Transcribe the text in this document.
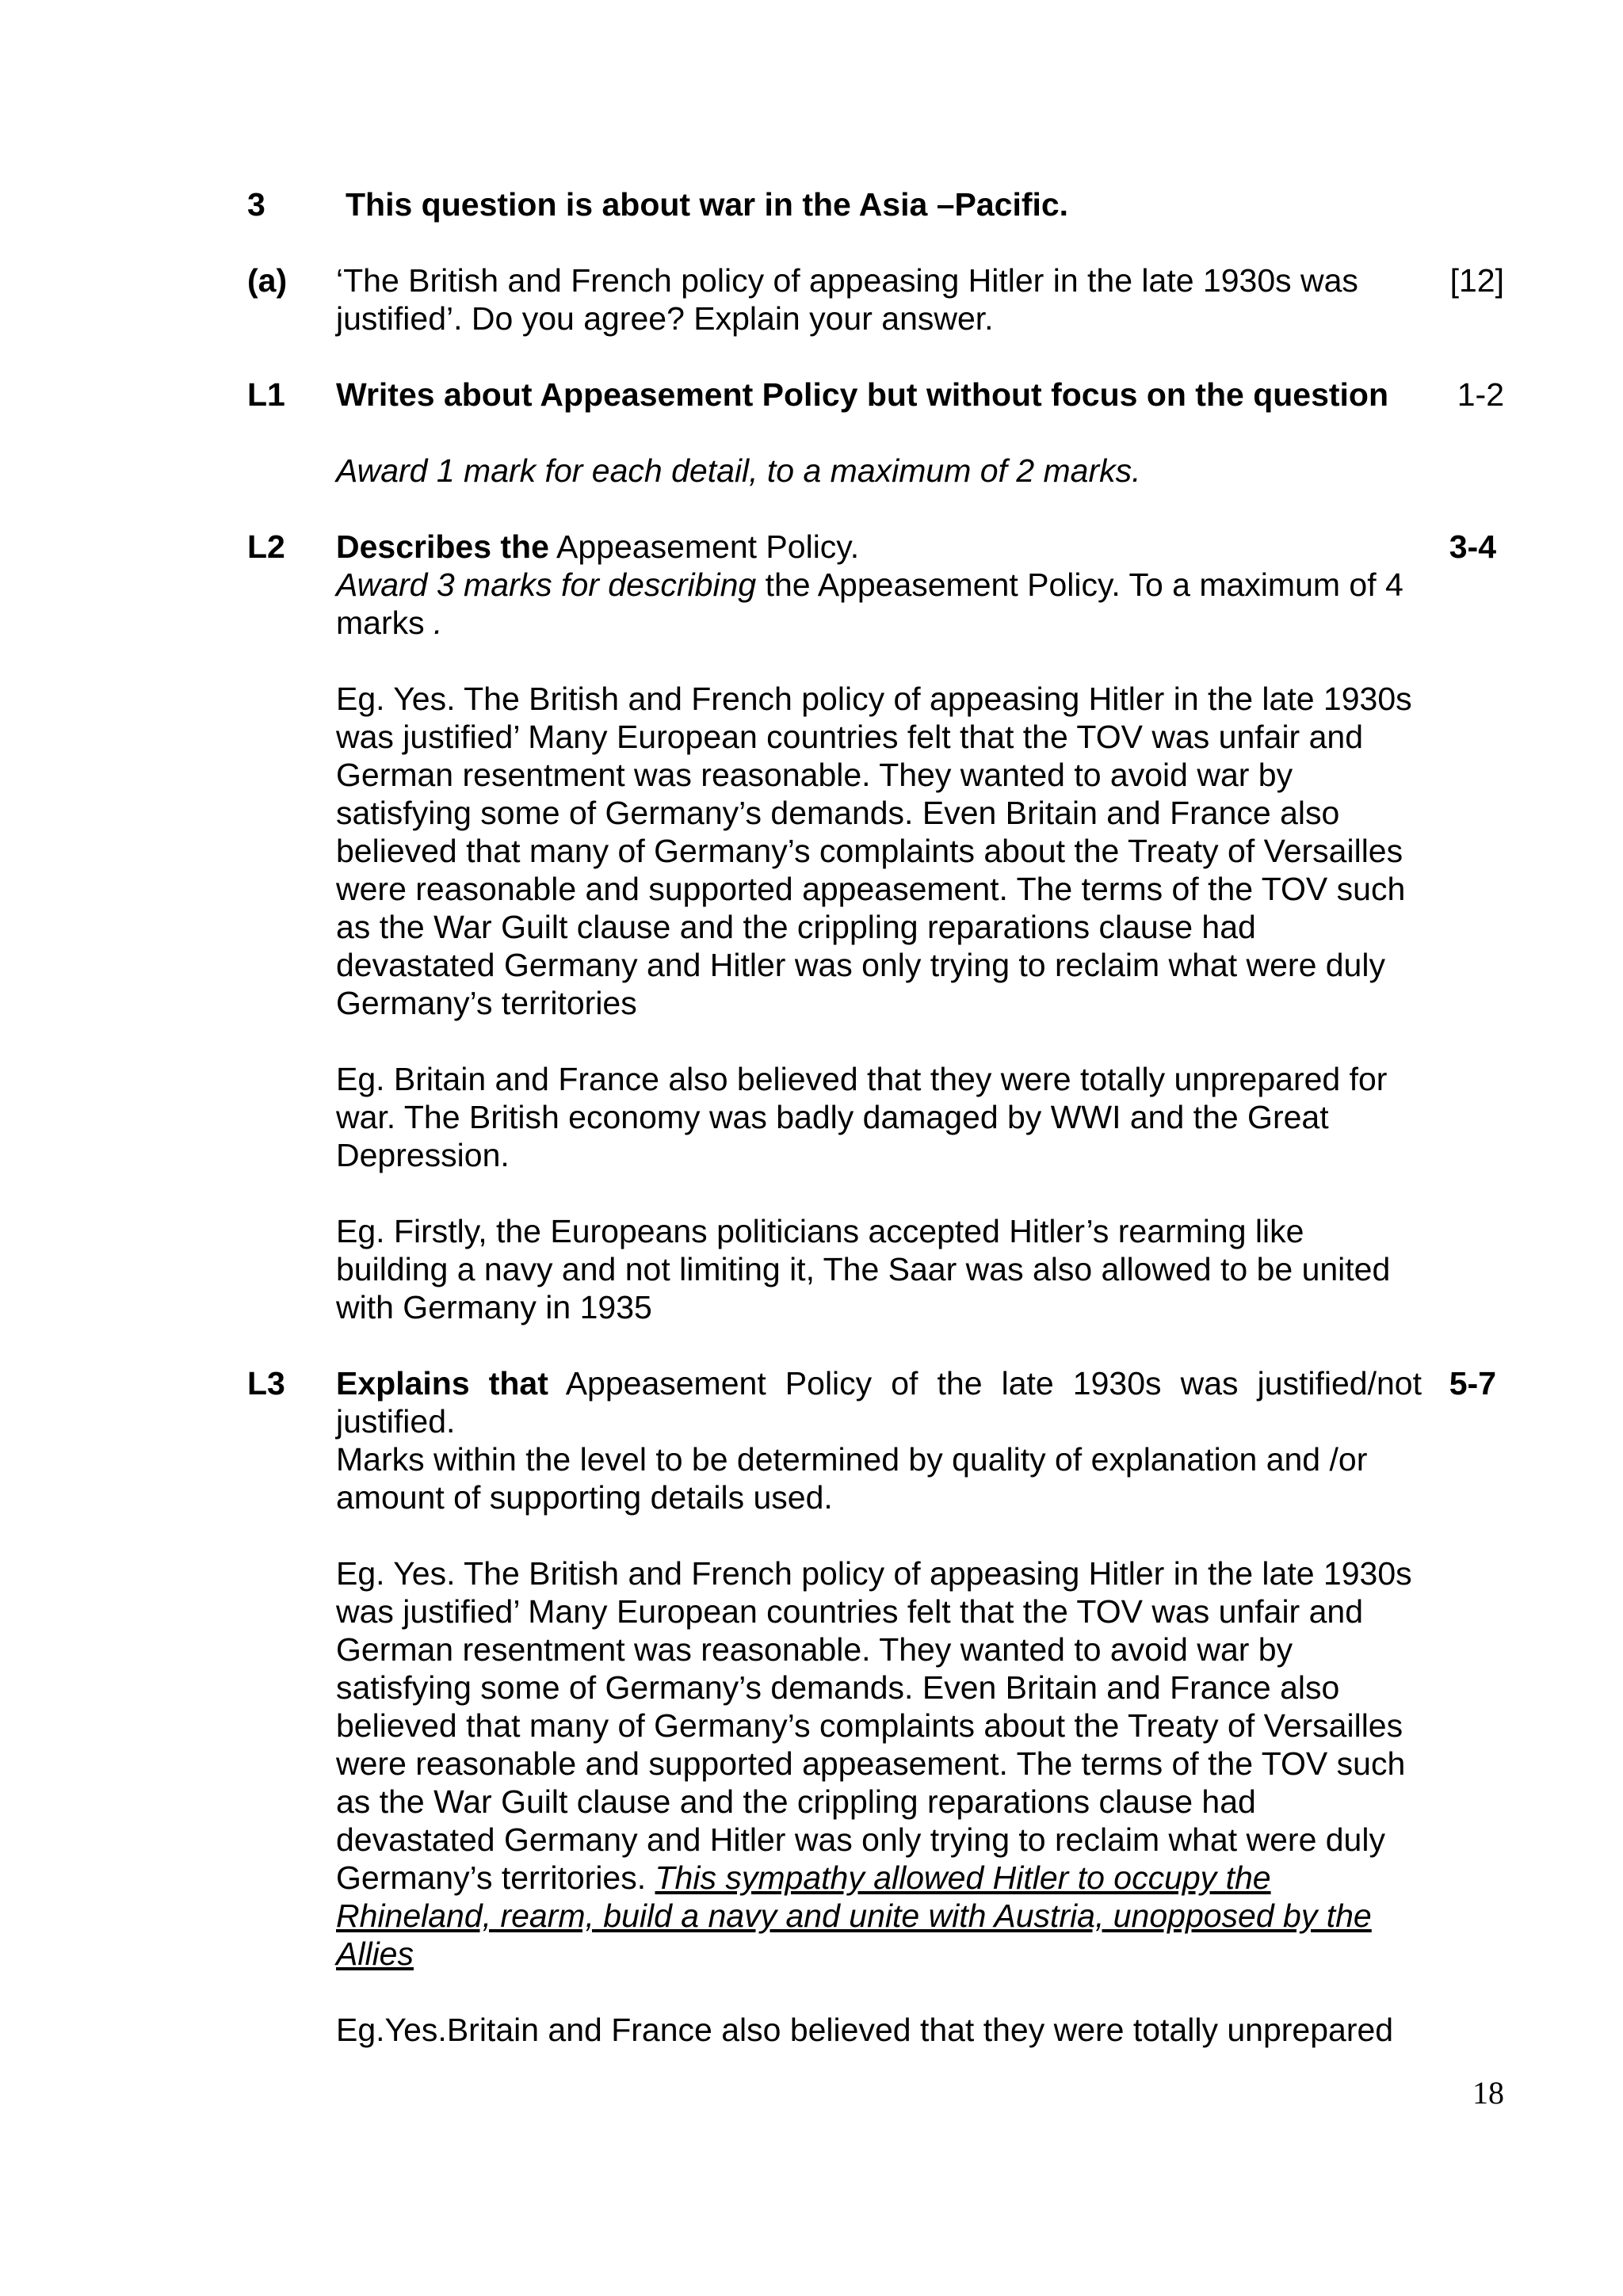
3 This question is about war in the Asia –Pacific.
(a) ‘The British and French policy of appeasing Hitler in the late 1930s was justified’. Do you agree? Explain your answer.

[12]
L1 Writes about Appeasement Policy but without focus on the question	1-2

Award 1 mark for each detail, to a maximum of 2 marks.

L2 Describes the Appeasement Policy.

Award 3 marks for describing the Appeasement Policy. To a maximum of 4 marks .

3-4

Eg. Yes. The British and French policy of appeasing Hitler in the late 1930s was justified’ Many European countries felt that the TOV was unfair and German resentment was reasonable. They wanted to avoid war by satisfying some of Germany’s demands. Even Britain and France also believed that many of Germany’s complaints about the Treaty of Versailles were reasonable and supported appeasement. The terms of the TOV such as the War Guilt clause and the crippling reparations clause had devastated Germany and Hitler was only trying to reclaim what were duly Germany’s territories

Eg. Britain and France also believed that they were totally unprepared for war. The British economy was badly damaged by WWI and the Great Depression.

Eg. Firstly, the Europeans politicians accepted Hitler’s rearming like building a navy and not limiting it, The Saar was also allowed to be united with Germany in 1935

L3 Explains that Appeasement Policy of the late 1930s was justified/not justified.

Marks within the level to be determined by quality of explanation and /or amount of supporting details used.

5-7

Eg. Yes. The British and French policy of appeasing Hitler in the late 1930s was justified’ Many European countries felt that the TOV was unfair and German resentment was reasonable. They wanted to avoid war by satisfying some of Germany’s demands. Even Britain and France also believed that many of Germany’s complaints about the Treaty of Versailles were reasonable and supported appeasement. The terms of the TOV such as the War Guilt clause and the crippling reparations clause had devastated Germany and Hitler was only trying to reclaim what were duly Germany’s territories. This sympathy allowed Hitler to occupy the Rhineland, rearm, build a navy and unite with Austria, unopposed by the Allies

Eg.Yes.Britain and France also believed that they were totally unprepared

18
